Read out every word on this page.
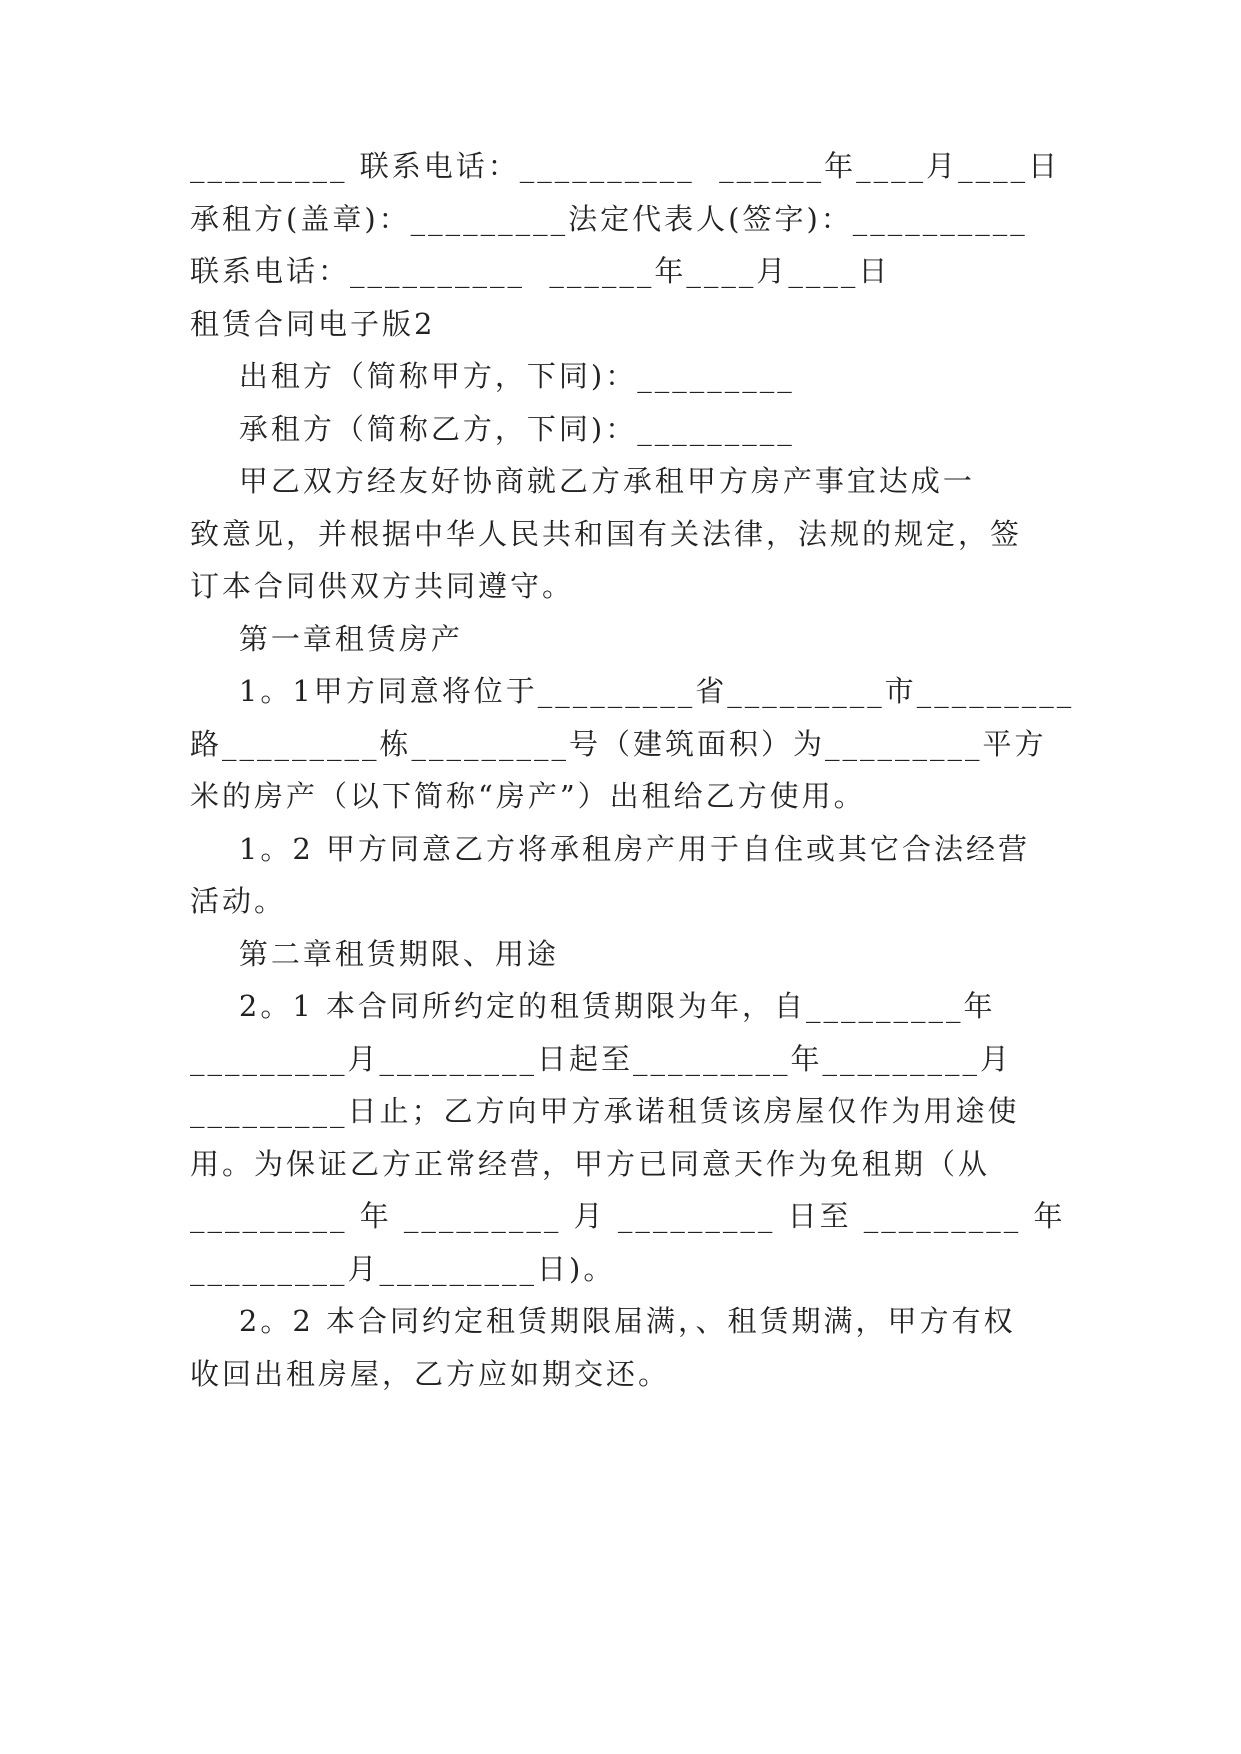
_________ 联系电话：__________  ______年____月____日
承租方(盖章)：_________法定代表人(签字)：__________
联系电话：__________  ______年____月____日
租赁合同电子版2
出租方（简称甲方，下同)：_________
承租方（简称乙方，下同)：_________
甲乙双方经友好协商就乙方承租甲方房产事宜达成一
致意见，并根据中华人民共和国有关法律，法规的规定，签
订本合同供双方共同遵守。
第一章租赁房产
1。1甲方同意将位于_________省_________市_________
路_________栋_________号（建筑面积）为_________平方
米的房产（以下简称“房产”）出租给乙方使用。
1。2 甲方同意乙方将承租房产用于自住或其它合法经营
活动。
第二章租赁期限、用途
2。1 本合同所约定的租赁期限为年，自_________年
_________月_________日起至_________年_________月
_________日止；乙方向甲方承诺租赁该房屋仅作为用途使
用。为保证乙方正常经营，甲方已同意天作为免租期（从
_________ 年 _________ 月 _________ 日至 _________ 年
_________月_________日)。
2。2 本合同约定租赁期限届满，、租赁期满，甲方有权
收回出租房屋，乙方应如期交还。
